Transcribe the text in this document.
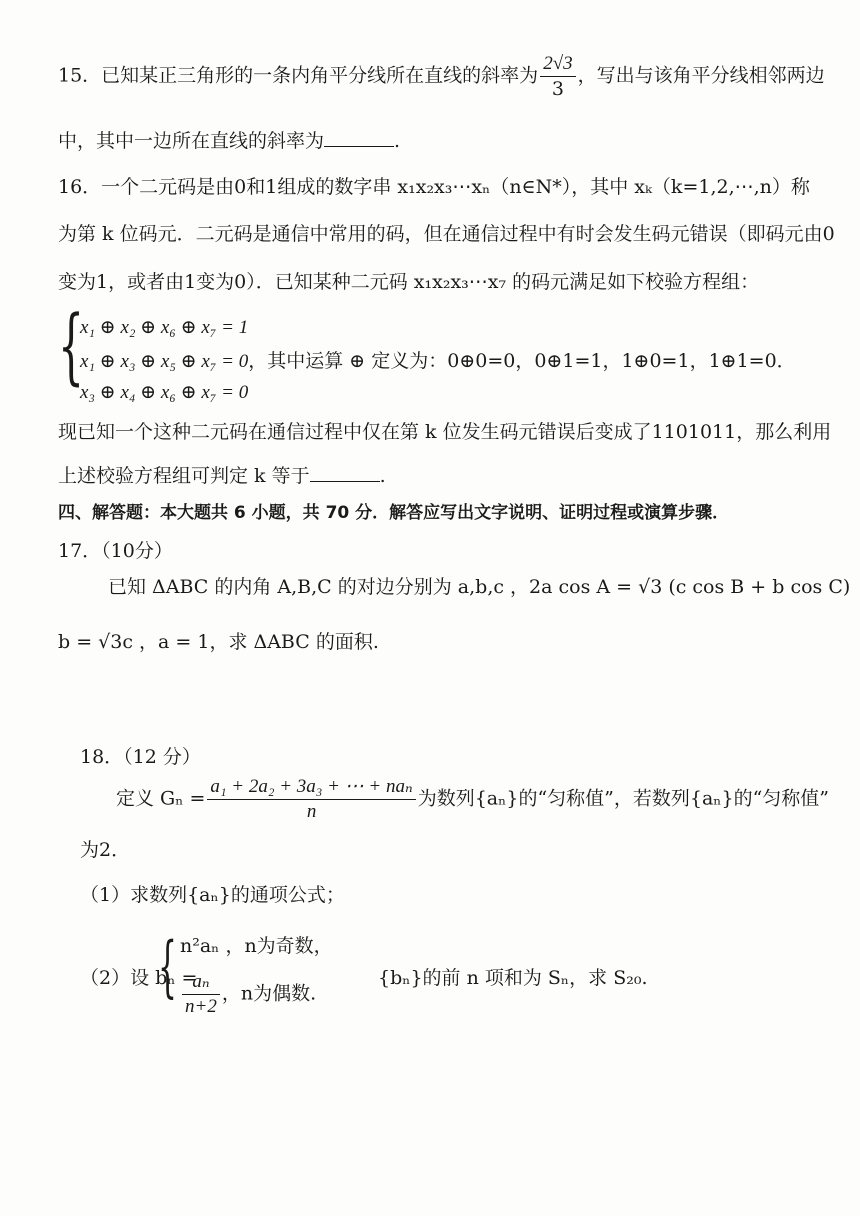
15．已知某正三角形的一条内角平分线所在直线的斜率为 $\frac{2√3}{3}$ ，写出与该角平分线相邻两边
中，其中一边所在直线的斜率为	.
16．一个二元码是由0和1组成的数字串 x₁x₂x₃⋯xₙ（n∈N*），其中 xₖ（k=1,2,⋯,n）称
为第 k 位码元．二元码是通信中常用的码，但在通信过程中有时会发生码元错误（即码元由0
变为1，或者由1变为0）．已知某种二元码 x₁x₂x₃⋯x₇ 的码元满足如下校验方程组：
{
x₁ ⊕ x₂ ⊕ x₆ ⊕ x₇ = 1
x₁ ⊕ x₃ ⊕ x₅ ⊕ x₇ = 0，其中运算 ⊕ 定义为：0⊕0=0，0⊕1=1，1⊕0=1，1⊕1=0．
x₃ ⊕ x₄ ⊕ x₆ ⊕ x₇ = 0
现已知一个这种二元码在通信过程中仅在第 k 位发生码元错误后变成了1101011，那么利用
上述校验方程组可判定 k 等于	.
四、解答题：本大题共 6 小题，共 70 分．解答应写出文字说明、证明过程或演算步骤．
17．（10分）
已知 ΔABC 的内角 A,B,C 的对边分别为 a,b,c ，2a cos A = √3 (c cos B + b cos C)
b = √3c ，a = 1，求 ΔABC 的面积.
18．（12 分）
定义 $G_n = \frac{\text{a₁ + 2a₂ + 3a₃ + ⋯ + naₙ}}{n}$ 为数列{aₙ}的“匀称值”，若数列{aₙ}的“匀称值”
为2．
（1）求数列{aₙ}的通项公式；
（2）设 bₙ =
{ n²aₙ ，n为奇数，
$\frac{\text{aₙ}}{n+2}$ ，n为偶数.
{bₙ}的前 n 项和为 Sₙ，求 S₂₀.
